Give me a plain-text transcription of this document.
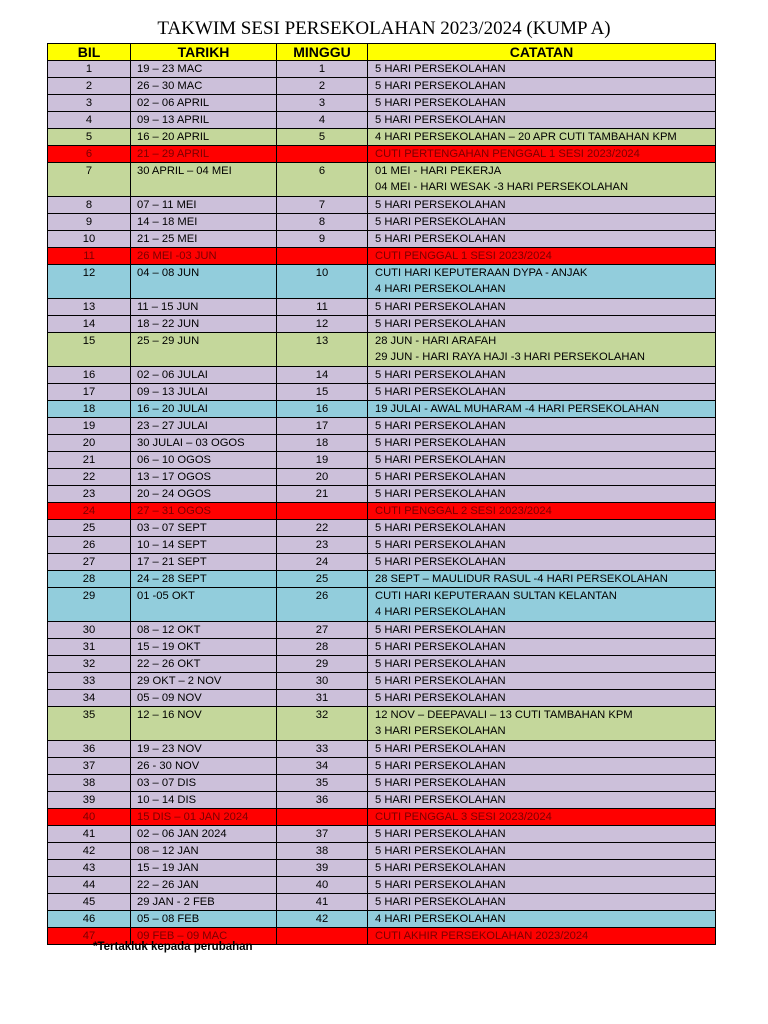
TAKWIM SESI PERSEKOLAHAN 2023/2024 (KUMP A)
BIL	TARIKH	MINGGU	CATATAN
1	19 – 23 MAC	1	5 HARI PERSEKOLAHAN

2	26 – 30 MAC	2	5 HARI PERSEKOLAHAN

3	02 – 06 APRIL	3	5 HARI PERSEKOLAHAN

4	09 – 13 APRIL	4	5 HARI PERSEKOLAHAN

5	16 – 20 APRIL	5	4 HARI PERSEKOLAHAN – 20 APR CUTI TAMBAHAN KPM

6	21 – 29 APRIL		CUTI PERTENGAHAN PENGGAL 1 SESI 2023/2024

7	30 APRIL – 04 MEI	6	01 MEI - HARI PEKERJA
04 MEI - HARI WESAK -3 HARI PERSEKOLAHAN

8	07 – 11 MEI	7	5 HARI PERSEKOLAHAN

9	14 – 18 MEI	8	5 HARI PERSEKOLAHAN

10	21 – 25 MEI	9	5 HARI PERSEKOLAHAN

11	26 MEI -03 JUN		CUTI PENGGAL 1 SESI 2023/2024

12	04 – 08 JUN	10	CUTI HARI KEPUTERAAN DYPA - ANJAK
4 HARI PERSEKOLAHAN

13	11 – 15 JUN	11	5 HARI PERSEKOLAHAN

14	18 – 22 JUN	12	5 HARI PERSEKOLAHAN

15	25 – 29 JUN	13	28 JUN - HARI ARAFAH
29 JUN - HARI RAYA HAJI -3 HARI PERSEKOLAHAN

16	02 – 06 JULAI	14	5 HARI PERSEKOLAHAN

17	09 – 13 JULAI	15	5 HARI PERSEKOLAHAN

18	16 – 20 JULAI	16	19 JULAI - AWAL MUHARAM -4 HARI PERSEKOLAHAN

19	23 – 27 JULAI	17	5 HARI PERSEKOLAHAN

20	30 JULAI – 03 OGOS	18	5 HARI PERSEKOLAHAN

21	06 – 10 OGOS	19	5 HARI PERSEKOLAHAN

22	13 – 17 OGOS	20	5 HARI PERSEKOLAHAN

23	20 – 24 OGOS	21	5 HARI PERSEKOLAHAN

24	27 – 31 OGOS		CUTI PENGGAL 2 SESI 2023/2024

25	03 – 07 SEPT	22	5 HARI PERSEKOLAHAN

26	10 – 14 SEPT	23	5 HARI PERSEKOLAHAN

27	17 – 21 SEPT	24	5 HARI PERSEKOLAHAN

28	24 – 28 SEPT	25	28 SEPT – MAULIDUR RASUL -4 HARI PERSEKOLAHAN

29	01 -05 OKT	26	CUTI HARI KEPUTERAAN SULTAN KELANTAN
4 HARI PERSEKOLAHAN

30	08 – 12 OKT	27	5 HARI PERSEKOLAHAN

31	15 – 19 OKT	28	5 HARI PERSEKOLAHAN

32	22 – 26 OKT	29	5 HARI PERSEKOLAHAN

33	29 OKT – 2 NOV	30	5 HARI PERSEKOLAHAN

34	05 – 09 NOV	31	5 HARI PERSEKOLAHAN

35	12 – 16 NOV	32	12 NOV – DEEPAVALI – 13 CUTI TAMBAHAN KPM
3 HARI PERSEKOLAHAN

36	19 – 23 NOV	33	5 HARI PERSEKOLAHAN

37	26 - 30 NOV	34	5 HARI PERSEKOLAHAN

38	03 – 07 DIS	35	5 HARI PERSEKOLAHAN

39	10 – 14 DIS	36	5 HARI PERSEKOLAHAN

40	15 DIS – 01 JAN 2024		CUTI PENGGAL 3 SESI 2023/2024

41	02 – 06 JAN 2024	37	5 HARI PERSEKOLAHAN

42	08 – 12 JAN	38	5 HARI PERSEKOLAHAN

43	15 – 19 JAN	39	5 HARI PERSEKOLAHAN

44	22 – 26 JAN	40	5 HARI PERSEKOLAHAN

45	29 JAN - 2 FEB	41	5 HARI PERSEKOLAHAN

46	05 – 08 FEB	42	4 HARI PERSEKOLAHAN

47	09 FEB – 09 MAC		CUTI AKHIR PERSEKOLAHAN 2023/2024
*Tertakluk kepada perubahan
